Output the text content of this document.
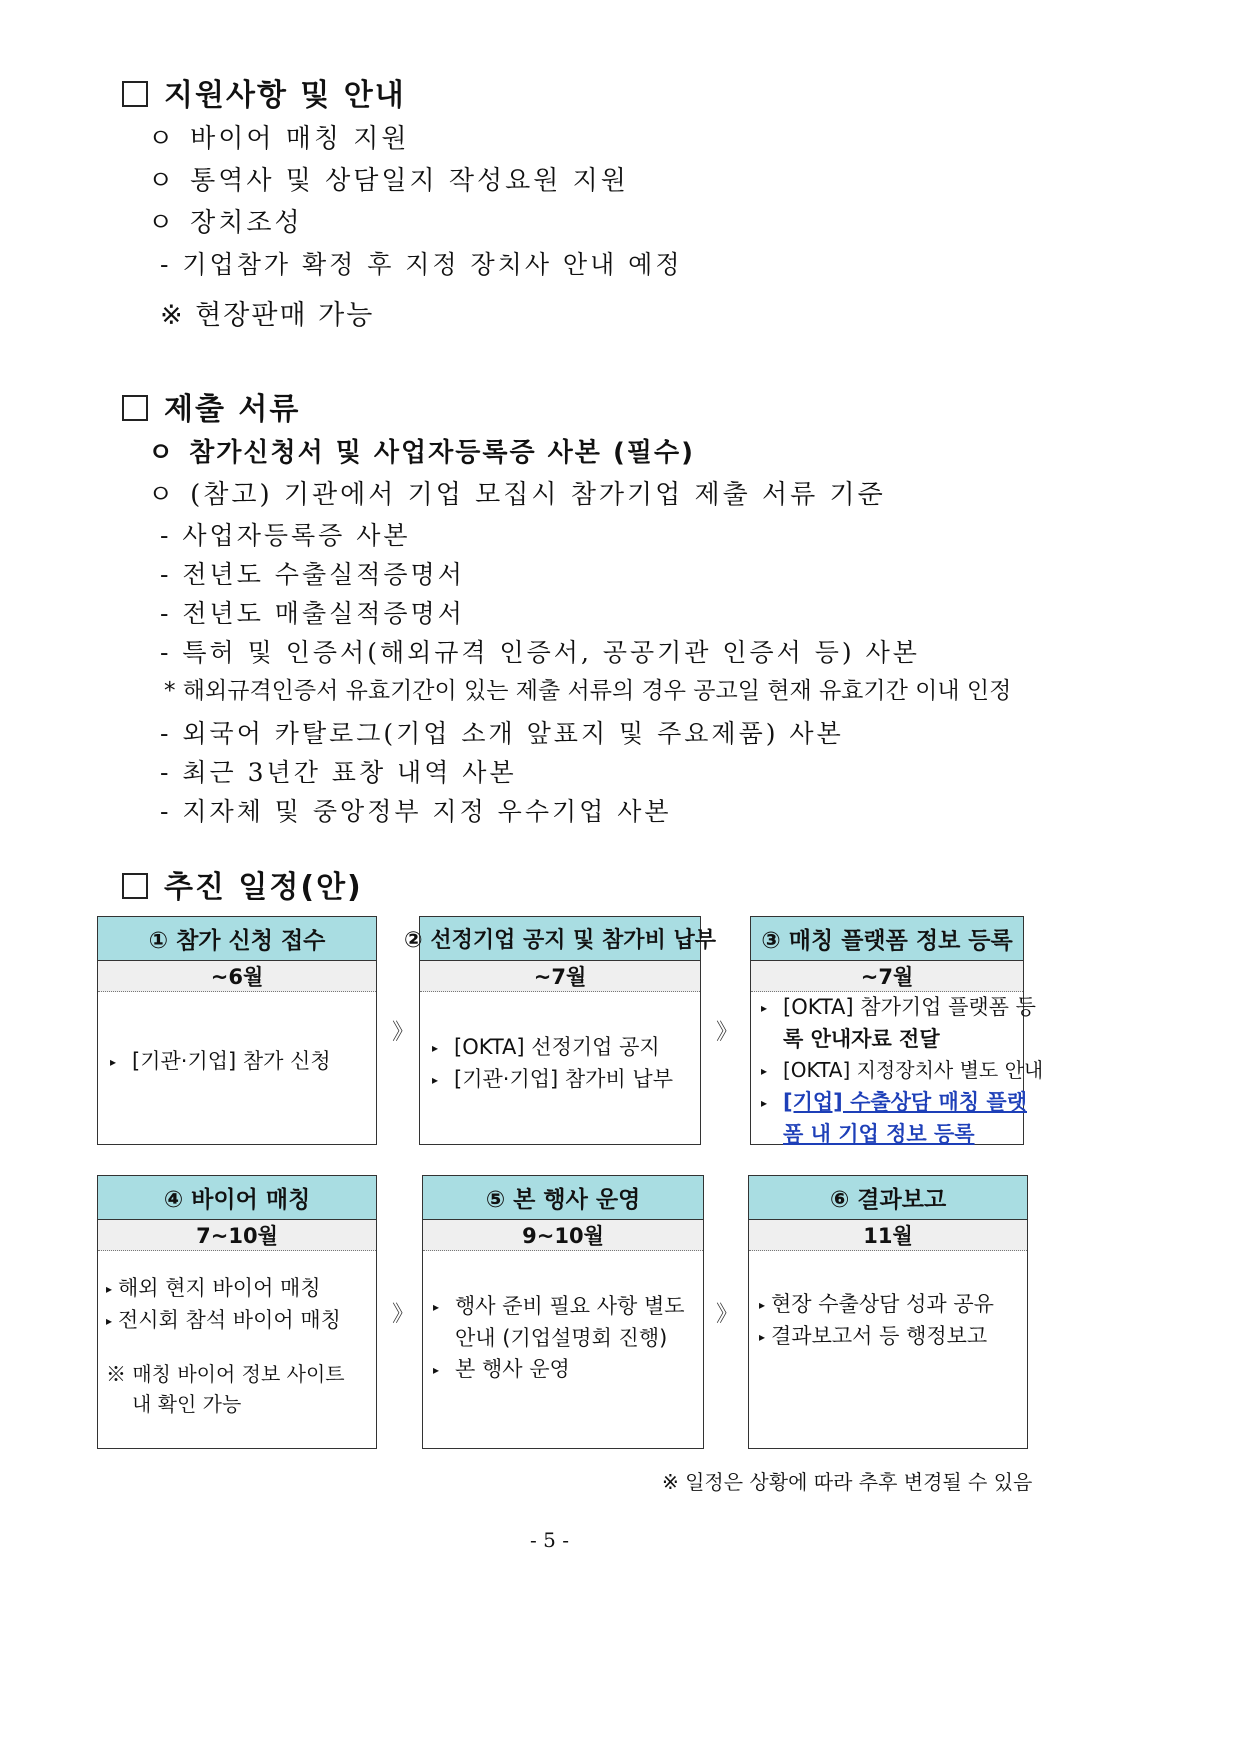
지원사항 및 안내
ㅇ 바이어 매칭 지원
ㅇ 통역사 및 상담일지 작성요원 지원
ㅇ 장치조성
- 기업참가 확정 후 지정 장치사 안내 예정
※ 현장판매 가능
제출 서류
ㅇ 참가신청서 및 사업자등록증 사본 (필수)
ㅇ (참고) 기관에서 기업 모집시 참가기업 제출 서류 기준
- 사업자등록증 사본
- 전년도 수출실적증명서
- 전년도 매출실적증명서
- 특허 및 인증서(해외규격 인증서, 공공기관 인증서 등) 사본
* 해외규격인증서 유효기간이 있는 제출 서류의 경우 공고일 현재 유효기간 이내 인정
- 외국어 카탈로그(기업 소개 앞표지 및 주요제품) 사본
- 최근 3년간 표창 내역 사본
- 지자체 및 중앙정부 지정 우수기업 사본
추진 일정(안)
① 참가 신청 접수
~6월
▸ [기관·기업] 참가 신청
》
② 선정기업 공지 및 참가비 납부
~7월
▸ [OKTA] 선정기업 공지
▸ [기관·기업] 참가비 납부
》
③ 매칭 플랫폼 정보 등록
~7월
▸ [OKTA] 참가기업 플랫폼 등
록 안내자료 전달
▸ [OKTA] 지정장치사 별도 안내
▸ [기업] 수출상담 매칭 플랫
폼 내 기업 정보 등록
④ 바이어 매칭
7~10월
▸ 해외 현지 바이어 매칭
▸ 전시회 참석 바이어 매칭
※ 매칭 바이어 정보 사이트
내 확인 가능
》
⑤ 본 행사 운영
9~10월
▸ 행사 준비 필요 사항 별도
안내 (기업설명회 진행)
▸ 본 행사 운영
》
⑥ 결과보고
11월
▸ 현장 수출상담 성과 공유
▸ 결과보고서 등 행정보고
※ 일정은 상황에 따라 추후 변경될 수 있음
- 5 -
